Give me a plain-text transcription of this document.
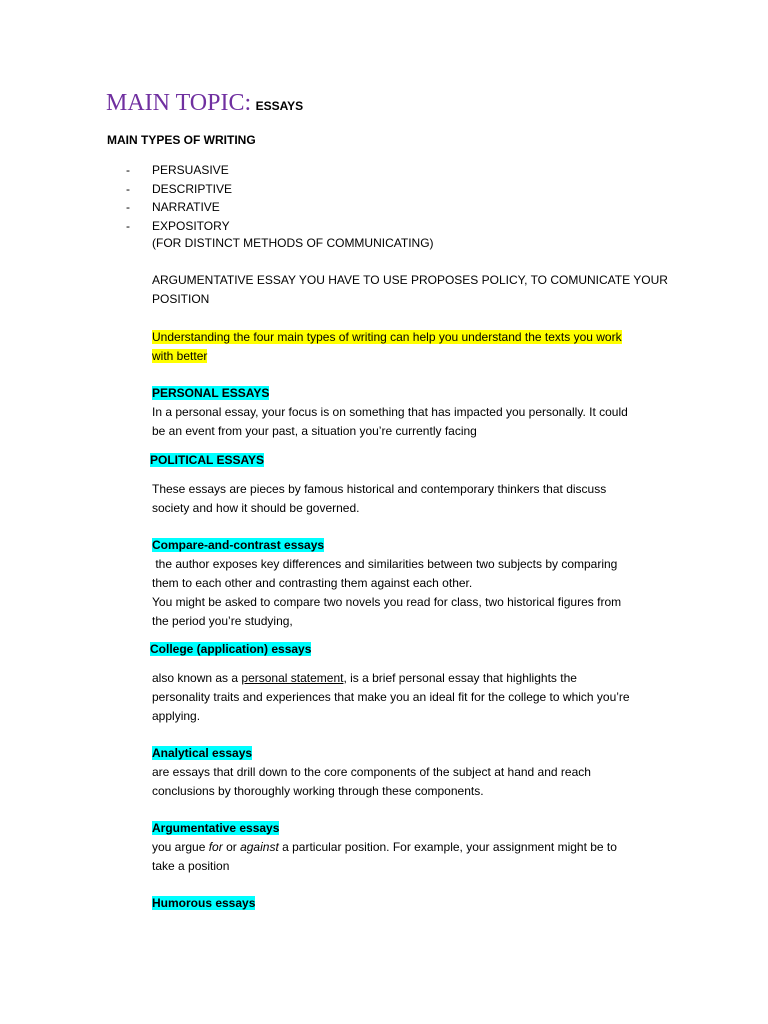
MAIN TOPIC: ESSAYS
MAIN TYPES OF WRITING
- PERSUASIVE
- DESCRIPTIVE
- NARRATIVE
- EXPOSITORY
(FOR DISTINCT METHODS OF COMMUNICATING)
ARGUMENTATIVE ESSAY YOU HAVE TO USE PROPOSES POLICY, TO COMUNICATE YOUR
POSITION
Understanding the four main types of writing can help you understand the texts you work
with better
PERSONAL ESSAYS
In a personal essay, your focus is on something that has impacted you personally. It could
be an event from your past, a situation you’re currently facing
POLITICAL ESSAYS
These essays are pieces by famous historical and contemporary thinkers that discuss
society and how it should be governed.
Compare-and-contrast essays
the author exposes key differences and similarities between two subjects by comparing
them to each other and contrasting them against each other.
You might be asked to compare two novels you read for class, two historical figures from
the period you’re studying,
College (application) essays
also known as a personal statement, is a brief personal essay that highlights the
personality traits and experiences that make you an ideal fit for the college to which you’re
applying.
Analytical essays
are essays that drill down to the core components of the subject at hand and reach
conclusions by thoroughly working through these components.
Argumentative essays
you argue for or against a particular position. For example, your assignment might be to
take a position
Humorous essays
